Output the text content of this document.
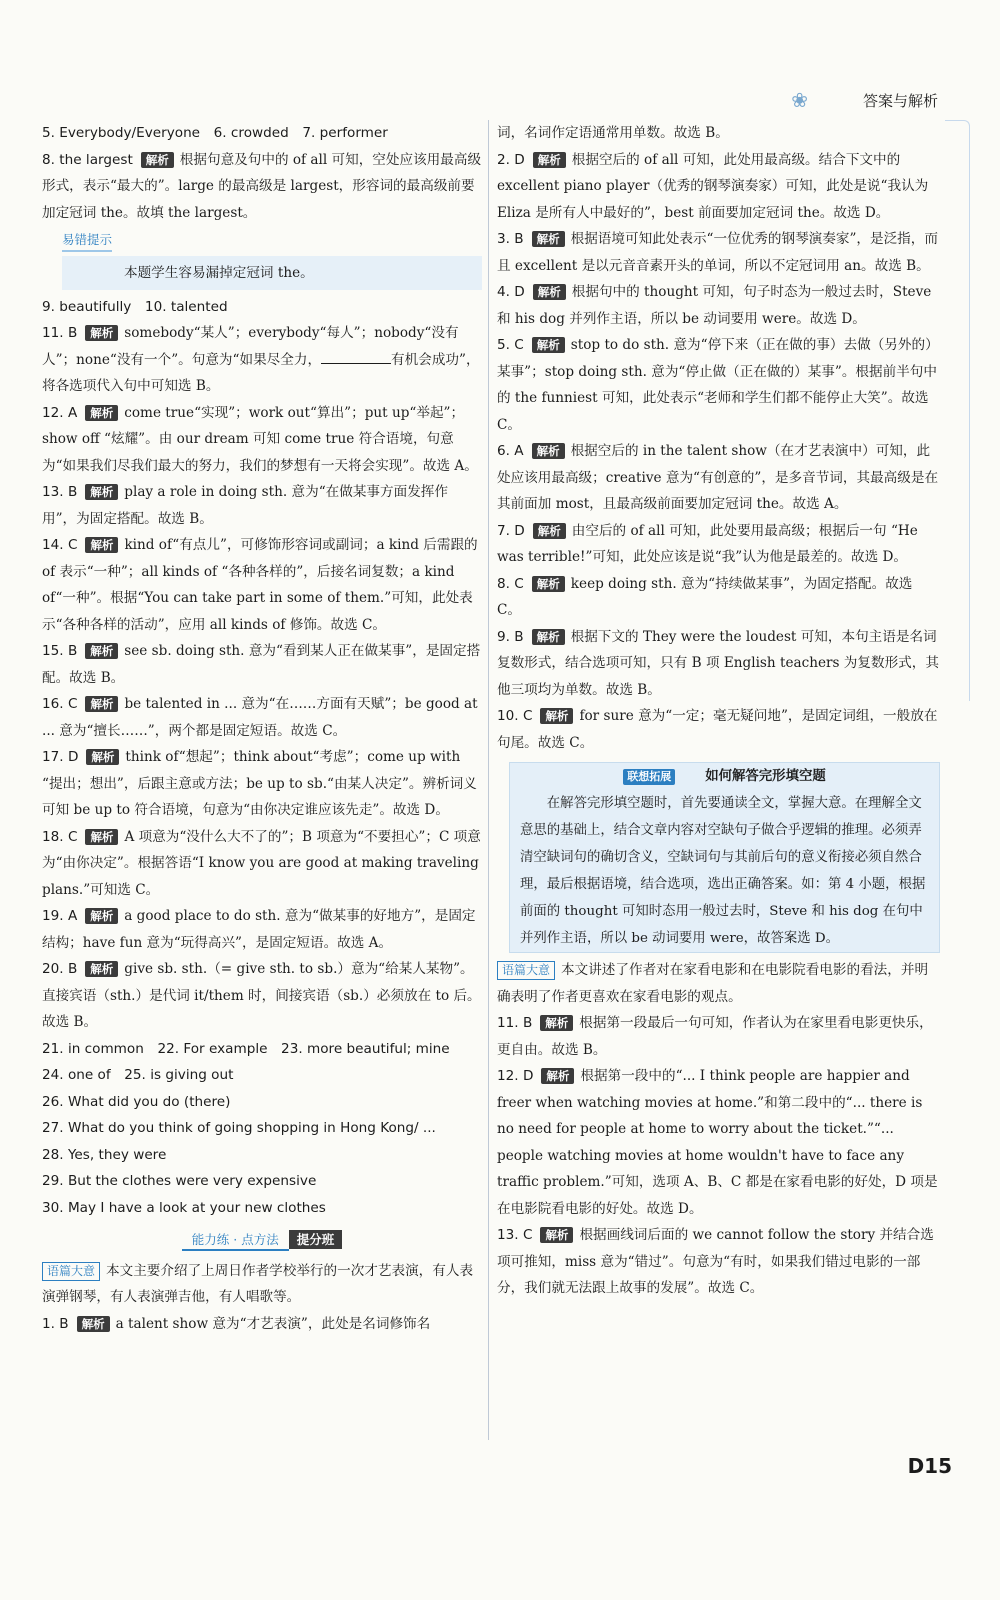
❀	答案与解析
5. Everybody/Everyone　6. crowded　7. performer
8. the largest 解析 根据句意及句中的 of all 可知，空处应该用最高级形式，表示“最大的”。large 的最高级是 largest，形容词的最高级前要加定冠词 the。故填 the largest。
易错提示
本题学生容易漏掉定冠词 the。
9. beautifully　10. talented
11. B 解析 somebody“某人”；everybody“每人”；nobody“没有人”；none“没有一个”。句意为“如果尽全力，	有机会成功”，将各选项代入句中可知选 B。
12. A 解析 come true“实现”；work out“算出”；put up“举起”；show off “炫耀”。由 our dream 可知 come true 符合语境，句意为“如果我们尽我们最大的努力，我们的梦想有一天将会实现”。故选 A。
13. B 解析 play a role in doing sth. 意为“在做某事方面发挥作用”，为固定搭配。故选 B。
14. C 解析 kind of“有点儿”，可修饰形容词或副词；a kind 后需跟的 of 表示“一种”；all kinds of “各种各样的”，后接名词复数；a kind of“一种”。根据“You can take part in some of them.”可知，此处表示“各种各样的活动”，应用 all kinds of 修饰。故选 C。
15. B 解析 see sb. doing sth. 意为“看到某人正在做某事”，是固定搭配。故选 B。
16. C 解析 be talented in ... 意为“在……方面有天赋”；be good at ... 意为“擅长……”，两个都是固定短语。故选 C。
17. D 解析 think of“想起”；think about“考虑”；come up with “提出；想出”，后跟主意或方法；be up to sb.“由某人决定”。辨析词义可知 be up to 符合语境，句意为“由你决定谁应该先走”。故选 D。
18. C 解析 A 项意为“没什么大不了的”；B 项意为“不要担心”；C 项意为“由你决定”。根据答语“I know you are good at making traveling plans.”可知选 C。
19. A 解析 a good place to do sth. 意为“做某事的好地方”，是固定结构；have fun 意为“玩得高兴”，是固定短语。故选 A。
20. B 解析 give sb. sth.（= give sth. to sb.）意为“给某人某物”。直接宾语（sth.）是代词 it/them 时，间接宾语（sb.）必须放在 to 后。故选 B。
21. in common　22. For example　23. more beautiful; mine
24. one of　25. is giving out
26. What did you do (there)
27. What do you think of going shopping in Hong Kong/ ...
28. Yes, they were
29. But the clothes were very expensive
30. May I have a look at your new clothes
能力练 · 点方法 提分班
语篇大意 本文主要介绍了上周日作者学校举行的一次才艺表演，有人表演弹钢琴，有人表演弹吉他，有人唱歌等。
1. B 解析 a talent show 意为“才艺表演”，此处是名词修饰名
词，名词作定语通常用单数。故选 B。
2. D 解析 根据空后的 of all 可知，此处用最高级。结合下文中的 excellent piano player（优秀的钢琴演奏家）可知，此处是说“我认为 Eliza 是所有人中最好的”，best 前面要加定冠词 the。故选 D。
3. B 解析 根据语境可知此处表示“一位优秀的钢琴演奏家”，是泛指，而且 excellent 是以元音音素开头的单词，所以不定冠词用 an。故选 B。
4. D 解析 根据句中的 thought 可知，句子时态为一般过去时，Steve 和 his dog 并列作主语，所以 be 动词要用 were。故选 D。
5. C 解析 stop to do sth. 意为“停下来（正在做的事）去做（另外的）某事”；stop doing sth. 意为“停止做（正在做的）某事”。根据前半句中的 the funniest 可知，此处表示“老师和学生们都不能停止大笑”。故选 C。
6. A 解析 根据空后的 in the talent show（在才艺表演中）可知，此处应该用最高级；creative 意为“有创意的”，是多音节词，其最高级是在其前面加 most，且最高级前面要加定冠词 the。故选 A。
7. D 解析 由空后的 of all 可知，此处要用最高级；根据后一句 “He was terrible!”可知，此处应该是说“我”认为他是最差的。故选 D。
8. C 解析 keep doing sth. 意为“持续做某事”，为固定搭配。故选 C。
9. B 解析 根据下文的 They were the loudest 可知，本句主语是名词复数形式，结合选项可知，只有 B 项 English teachers 为复数形式，其他三项均为单数。故选 B。
10. C 解析 for sure 意为“一定；毫无疑问地”，是固定词组，一般放在句尾。故选 C。
联想拓展	如何解答完形填空题
在解答完形填空题时，首先要通读全文，掌握大意。在理解全文意思的基础上，结合文章内容对空缺句子做合乎逻辑的推理。必须弄清空缺词句的确切含义，空缺词句与其前后句的意义衔接必须自然合理，最后根据语境，结合选项，选出正确答案。如：第 4 小题，根据前面的 thought 可知时态用一般过去时，Steve 和 his dog 在句中并列作主语，所以 be 动词要用 were，故答案选 D。
语篇大意 本文讲述了作者对在家看电影和在电影院看电影的看法，并明确表明了作者更喜欢在家看电影的观点。
11. B 解析 根据第一段最后一句可知，作者认为在家里看电影更快乐，更自由。故选 B。
12. D 解析 根据第一段中的“... I think people are happier and freer when watching movies at home.”和第二段中的“... there is no need for people at home to worry about the ticket.”“... people watching movies at home wouldn't have to face any traffic problem.”可知，选项 A、B、C 都是在家看电影的好处，D 项是在电影院看电影的好处。故选 D。
13. C 解析 根据画线词后面的 we cannot follow the story 并结合选项可推知，miss 意为“错过”。句意为“有时，如果我们错过电影的一部分，我们就无法跟上故事的发展”。故选 C。
D15
